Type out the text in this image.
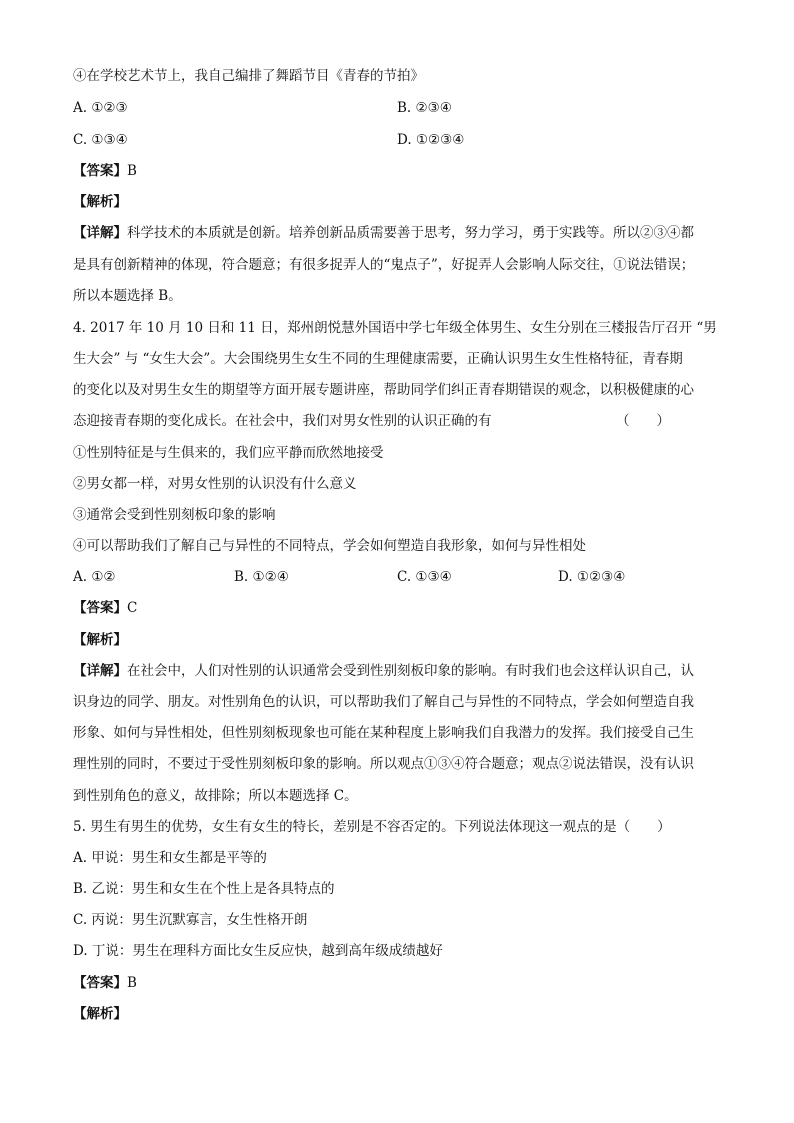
④在学校艺术节上，我自己编排了舞蹈节目《青春的节拍》
A. ①②③	B. ②③④
C. ①③④	D. ①②③④
【答案】B
【解析】
【详解】科学技术的本质就是创新。培养创新品质需要善于思考，努力学习，勇于实践等。所以②③④都
是具有创新精神的体现，符合题意；有很多捉弄人的“鬼点子”，好捉弄人会影响人际交往，①说法错误；
所以本题选择 B。
4. 2017 年 10 月 10 日和 11 日，郑州朗悦慧外国语中学七年级全体男生、女生分别在三楼报告厅召开 “男
生大会” 与 “女生大会”。大会围绕男生女生不同的生理健康需要，正确认识男生女生性格特征，青春期
的变化以及对男生女生的期望等方面开展专题讲座，帮助同学们纠正青春期错误的观念，以积极健康的心
态迎接青春期的变化成长。在社会中，我们对男女性别的认识正确的有	（　　）
①性别特征是与生俱来的，我们应平静而欣然地接受
②男女都一样，对男女性别的认识没有什么意义
③通常会受到性别刻板印象的影响
④可以帮助我们了解自己与异性的不同特点，学会如何塑造自我形象，如何与异性相处
A. ①②	B. ①②④	C. ①③④	D. ①②③④
【答案】C
【解析】
【详解】在社会中，人们对性别的认识通常会受到性别刻板印象的影响。有时我们也会这样认识自己，认
识身边的同学、朋友。对性别角色的认识，可以帮助我们了解自己与异性的不同特点，学会如何塑造自我
形象、如何与异性相处，但性别刻板现象也可能在某种程度上影响我们自我潜力的发挥。我们接受自己生
理性别的同时，不要过于受性别刻板印象的影响。所以观点①③④符合题意；观点②说法错误，没有认识
到性别角色的意义，故排除；所以本题选择 C。
5. 男生有男生的优势，女生有女生的特长，差别是不容否定的。下列说法体现这一观点的是（　　）
A. 甲说：男生和女生都是平等的
B. 乙说：男生和女生在个性上是各具特点的
C. 丙说：男生沉默寡言，女生性格开朗
D. 丁说：男生在理科方面比女生反应快，越到高年级成绩越好
【答案】B
【解析】
